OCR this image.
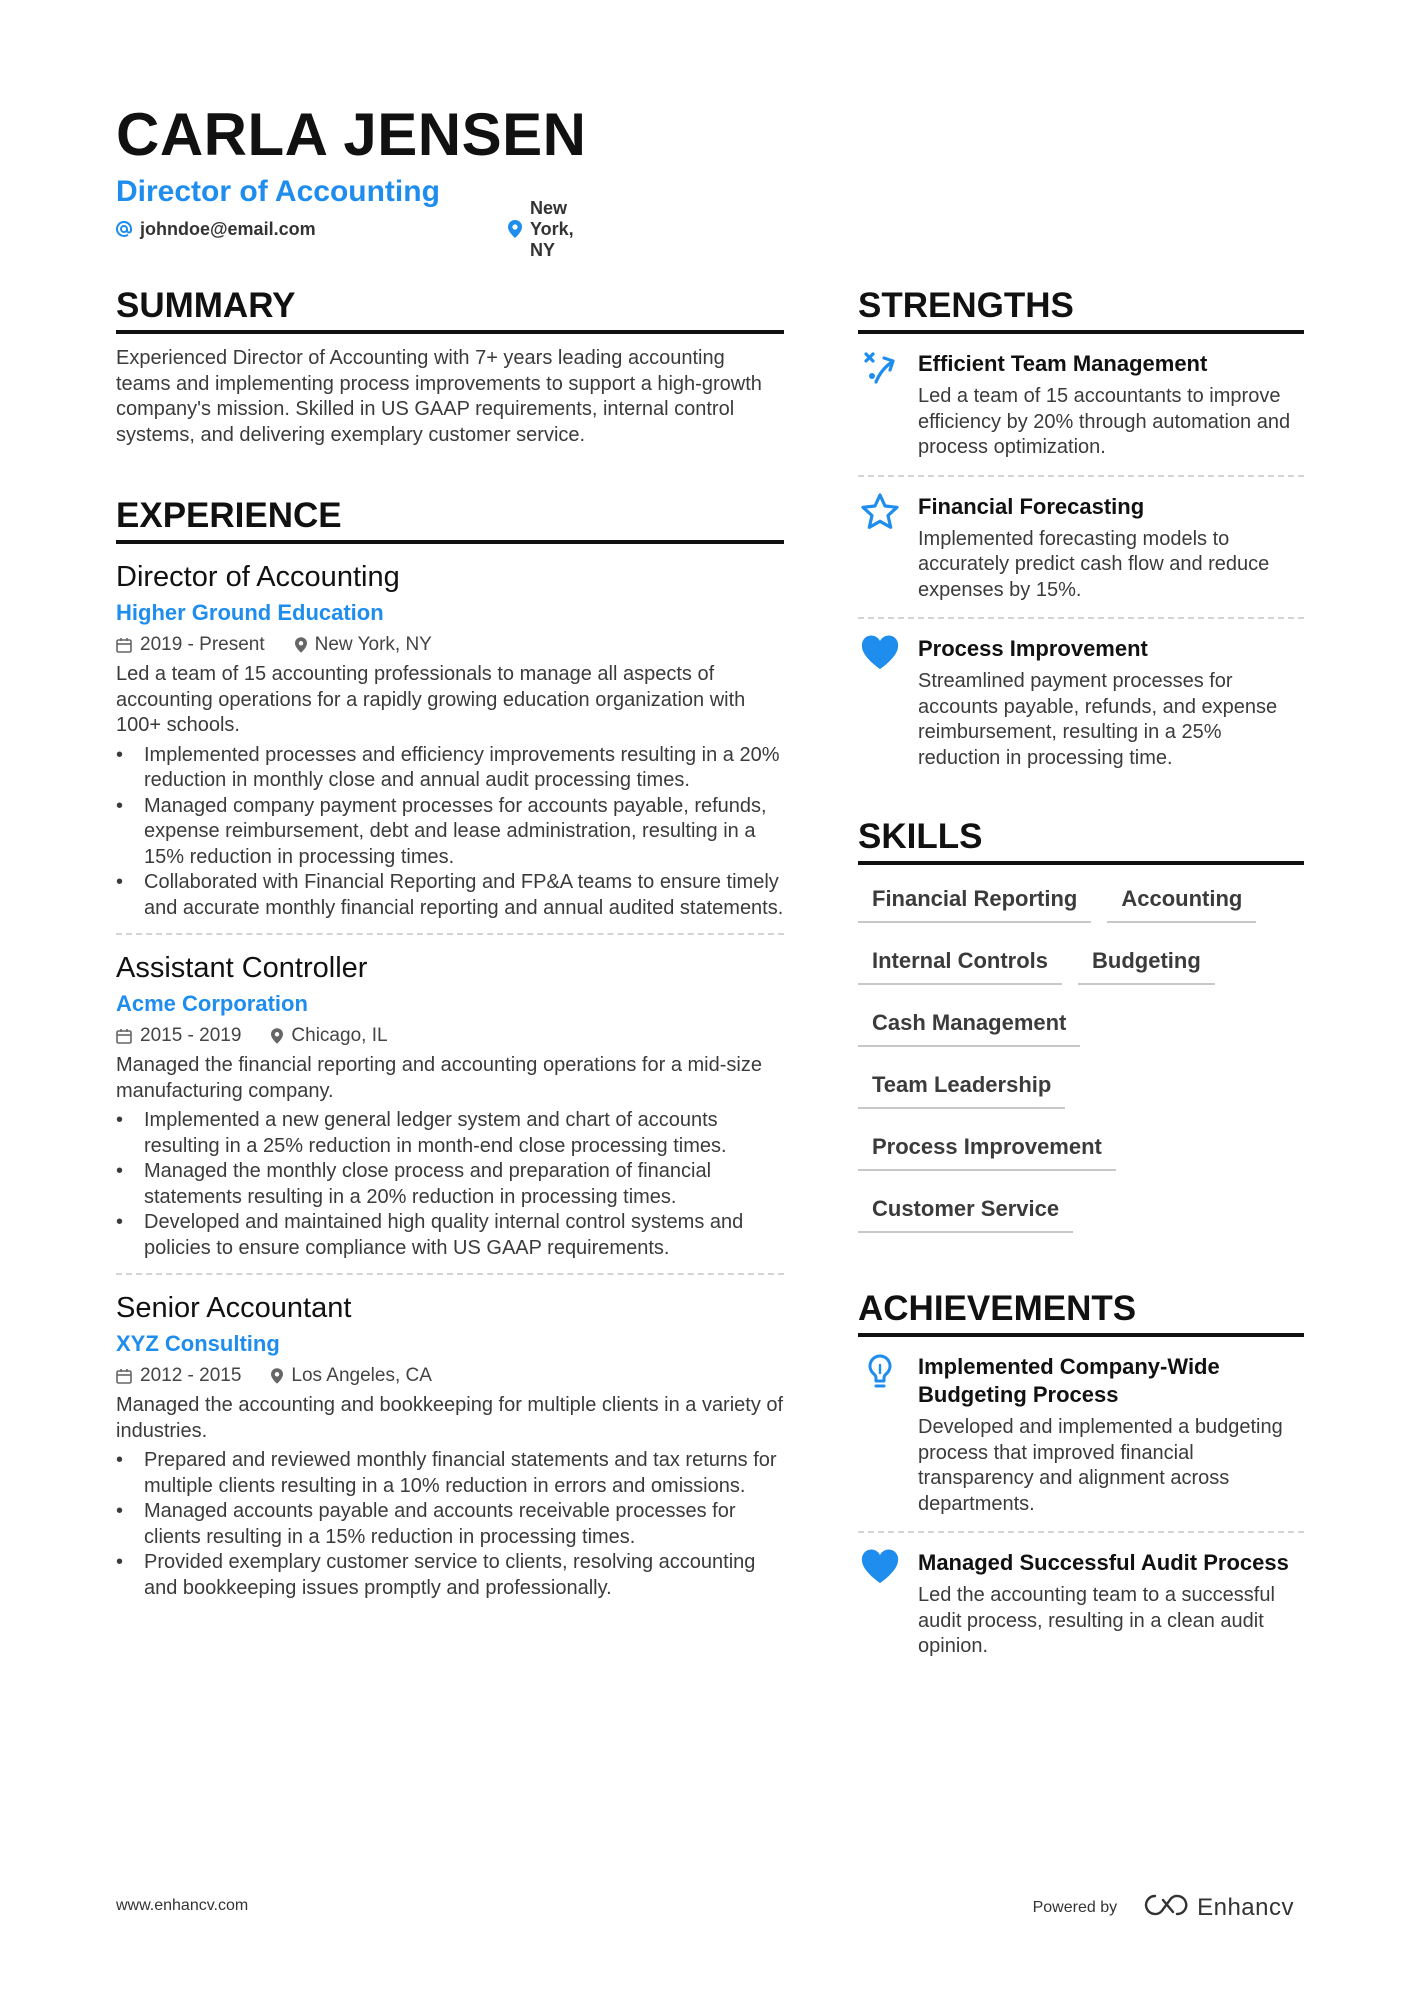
CARLA JENSEN
Director of Accounting
johndoe@email.com
New York, NY
SUMMARY

Experienced Director of Accounting with 7+ years leading accounting teams and implementing process improvements to support a high-growth company's mission. Skilled in US GAAP requirements, internal control systems, and delivering exemplary customer service.

EXPERIENCE
Director of Accounting
Higher Ground Education
2019 - Present	New York, NY

Led a team of 15 accounting professionals to manage all aspects of accounting operations for a rapidly growing education organization with 100+ schools.

• Implemented processes and efficiency improvements resulting in a 20% reduction in monthly close and annual audit processing times.
• Managed company payment processes for accounts payable, refunds, expense reimbursement, debt and lease administration, resulting in a 15% reduction in processing times.
• Collaborated with Financial Reporting and FP&A teams to ensure timely and accurate monthly financial reporting and annual audited statements.
Assistant Controller
Acme Corporation
2015 - 2019	Chicago, IL

Managed the financial reporting and accounting operations for a mid-size manufacturing company.

• Implemented a new general ledger system and chart of accounts resulting in a 25% reduction in month-end close processing times.
• Managed the monthly close process and preparation of financial statements resulting in a 20% reduction in processing times.
• Developed and maintained high quality internal control systems and policies to ensure compliance with US GAAP requirements.
Senior Accountant
XYZ Consulting
2012 - 2015	Los Angeles, CA

Managed the accounting and bookkeeping for multiple clients in a variety of industries.

• Prepared and reviewed monthly financial statements and tax returns for multiple clients resulting in a 10% reduction in errors and omissions.
• Managed accounts payable and accounts receivable processes for clients resulting in a 15% reduction in processing times.
• Provided exemplary customer service to clients, resolving accounting and bookkeeping issues promptly and professionally.
STRENGTHS
Efficient Team Management
Led a team of 15 accountants to improve efficiency by 20% through automation and process optimization.
Financial Forecasting
Implemented forecasting models to accurately predict cash flow and reduce expenses by 15%.
Process Improvement
Streamlined payment processes for accounts payable, refunds, and expense reimbursement, resulting in a 25% reduction in processing time.
SKILLS
Financial Reporting	Accounting
Internal Controls	Budgeting
Cash Management
Team Leadership
Process Improvement
Customer Service
ACHIEVEMENTS
Implemented Company-Wide Budgeting Process
Developed and implemented a budgeting process that improved financial transparency and alignment across departments.
Managed Successful Audit Process
Led the accounting team to a successful audit process, resulting in a clean audit opinion.
www.enhancv.com	Powered by	Enhancv
